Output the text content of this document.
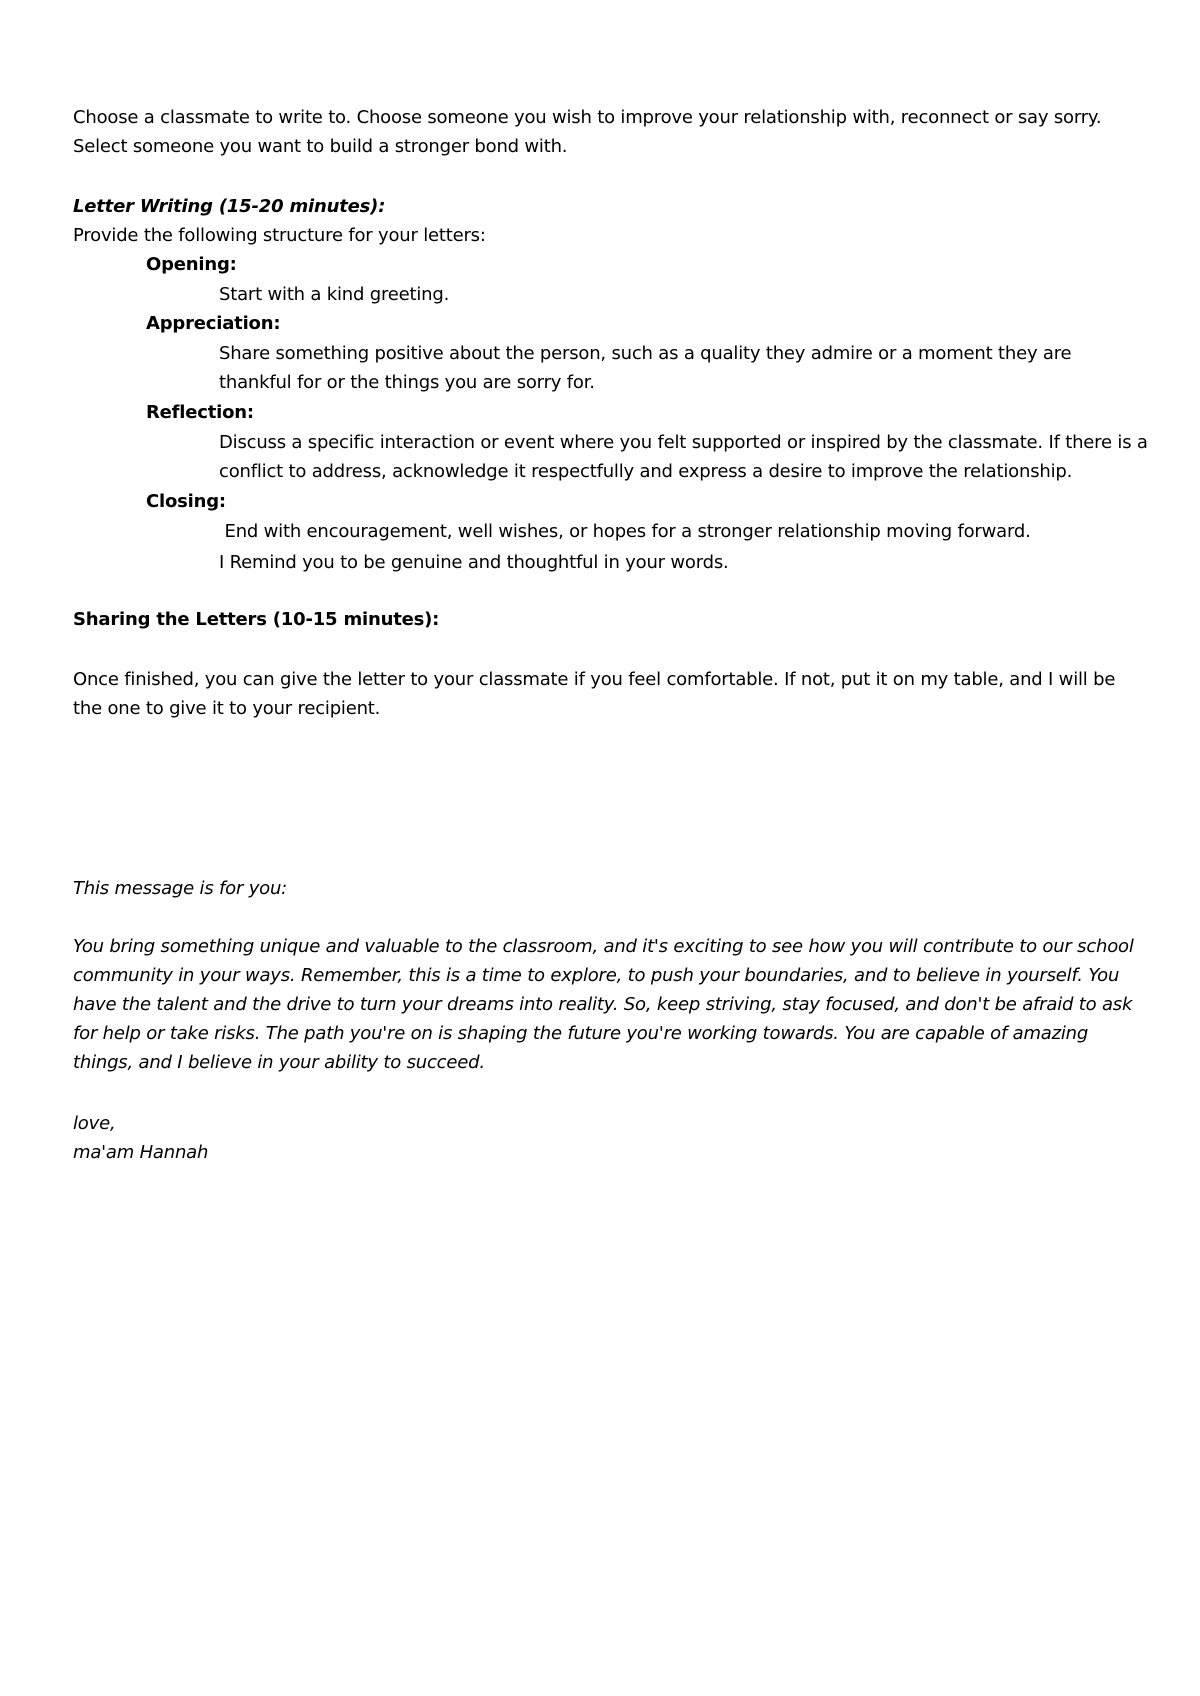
Choose a classmate to write to. Choose someone you wish to improve your relationship with, reconnect or say sorry. Select someone you want to build a stronger bond with.

Letter Writing (15-20 minutes):

Provide the following structure for your letters:

Opening:

Start with a kind greeting.

Appreciation:

Share something positive about the person, such as a quality they admire or a moment they are thankful for or the things you are sorry for.

Reflection:

Discuss a specific interaction or event where you felt supported or inspired by the classmate. If there is a conflict to address, acknowledge it respectfully and express a desire to improve the relationship.

Closing:

End with encouragement, well wishes, or hopes for a stronger relationship moving forward.

I Remind you to be genuine and thoughtful in your words.

Sharing the Letters (10-15 minutes):

Once finished, you can give the letter to your classmate if you feel comfortable. If not, put it on my table, and I will be the one to give it to your recipient.

This message is for you:

You bring something unique and valuable to the classroom, and it's exciting to see how you will contribute to our school community in your ways. Remember, this is a time to explore, to push your boundaries, and to believe in yourself. You have the talent and the drive to turn your dreams into reality. So, keep striving, stay focused, and don't be afraid to ask for help or take risks. The path you're on is shaping the future you're working towards. You are capable of amazing things, and I believe in your ability to succeed.

love,

ma'am Hannah
